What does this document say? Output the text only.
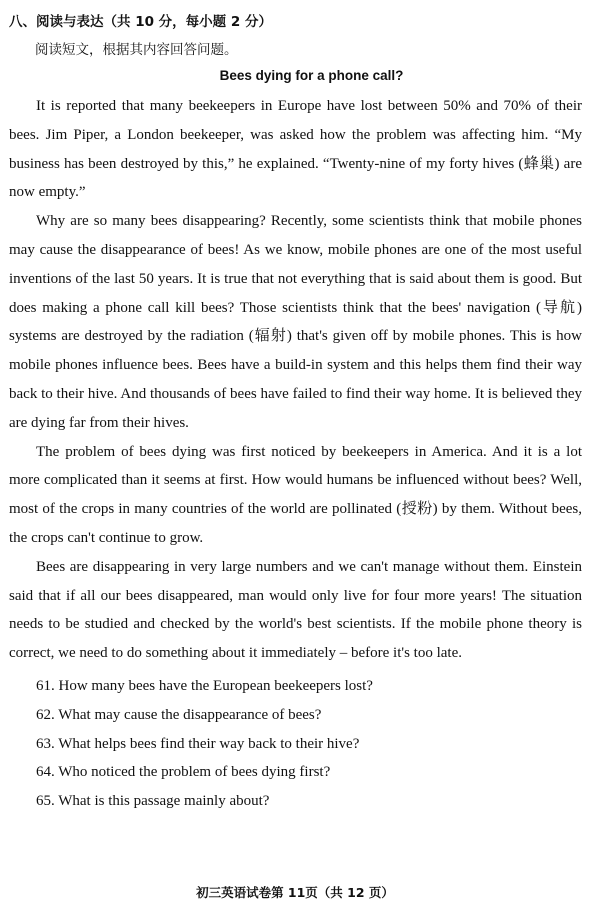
八、阅读与表达（共 10 分，每小题 2 分）
阅读短文，根据其内容回答问题。
Bees dying for a phone call?

It is reported that many beekeepers in Europe have lost between 50% and 70% of their bees. Jim Piper, a London beekeeper, was asked how the problem was affecting him. “My business has been destroyed by this,” he explained. “Twenty-nine of my forty hives (蜂巢) are now empty.”

Why are so many bees disappearing? Recently, some scientists think that mobile phones may cause the disappearance of bees! As we know, mobile phones are one of the most useful inventions of the last 50 years. It is true that not everything that is said about them is good. But does making a phone call kill bees? Those scientists think that the bees' navigation (导航) systems are destroyed by the radiation (辐射) that's given off by mobile phones. This is how mobile phones influence bees. Bees have a build-in system and this helps them find their way back to their hive. And thousands of bees have failed to find their way home. It is believed they are dying far from their hives.

The problem of bees dying was first noticed by beekeepers in America. And it is a lot more complicated than it seems at first. How would humans be influenced without bees? Well, most of the crops in many countries of the world are pollinated (授粉) by them. Without bees, the crops can't continue to grow.

Bees are disappearing in very large numbers and we can't manage without them. Einstein said that if all our bees disappeared, man would only live for four more years! The situation needs to be studied and checked by the world's best scientists. If the mobile phone theory is correct, we need to do something about it immediately – before it's too late.

61. How many bees have the European beekeepers lost?
62. What may cause the disappearance of bees?
63. What helps bees find their way back to their hive?
64. Who noticed the problem of bees dying first?
65. What is this passage mainly about?
初三英语试卷第 11页（共 12 页）
